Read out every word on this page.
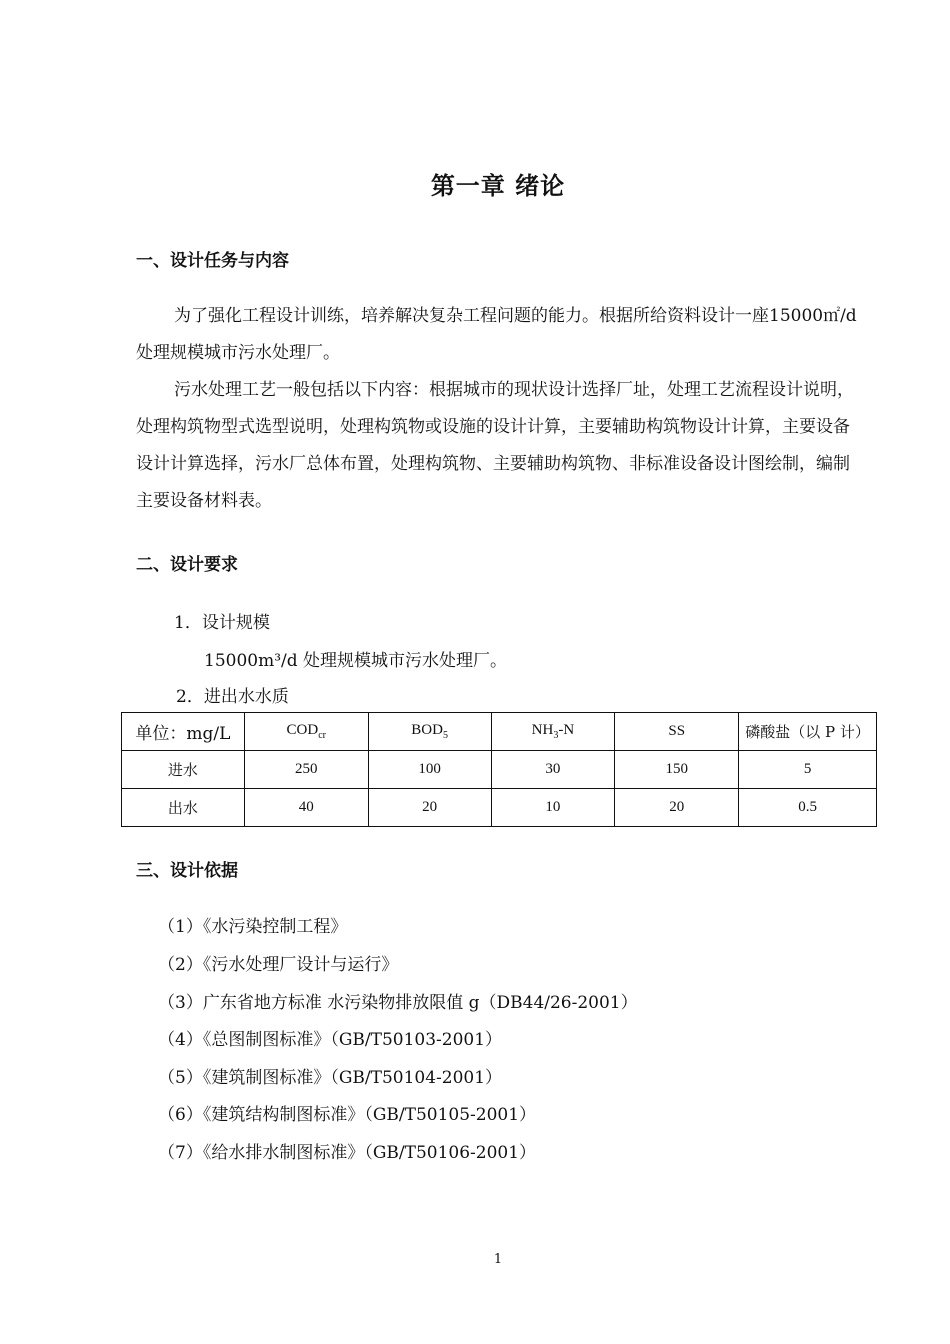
第一章 绪论
一、设计任务与内容
为了强化工程设计训练，培养解决复杂工程问题的能力。根据所给资料设计一座15000㎡/d 处理规模城市污水处理厂。
污水处理工艺一般包括以下内容：根据城市的现状设计选择厂址，处理工艺流程设计说明，处理构筑物型式选型说明，处理构筑物或设施的设计计算，主要辅助构筑物设计计算，主要设备设计计算选择，污水厂总体布置，处理构筑物、主要辅助构筑物、非标准设备设计图绘制，编制主要设备材料表。
二、设计要求
1．设计规模
15000m³/d 处理规模城市污水处理厂。
2．进出水水质
单位：mg/L	$COD_{cr}$	$BOD_5$	$NH_3-N$	SS	磷酸盐（以 P 计）
进水	250	100	30	150	5
出水	40	20	10	20	0.5
三、设计依据
（1）《水污染控制工程》
（2）《污水处理厂设计与运行》
（3）广东省地方标准 水污染物排放限值 g（DB44/26-2001）
（4）《总图制图标准》（GB/T50103-2001）
（5）《建筑制图标准》（GB/T50104-2001）
（6）《建筑结构制图标准》（GB/T50105-2001）
（7）《给水排水制图标准》（GB/T50106-2001）
1
